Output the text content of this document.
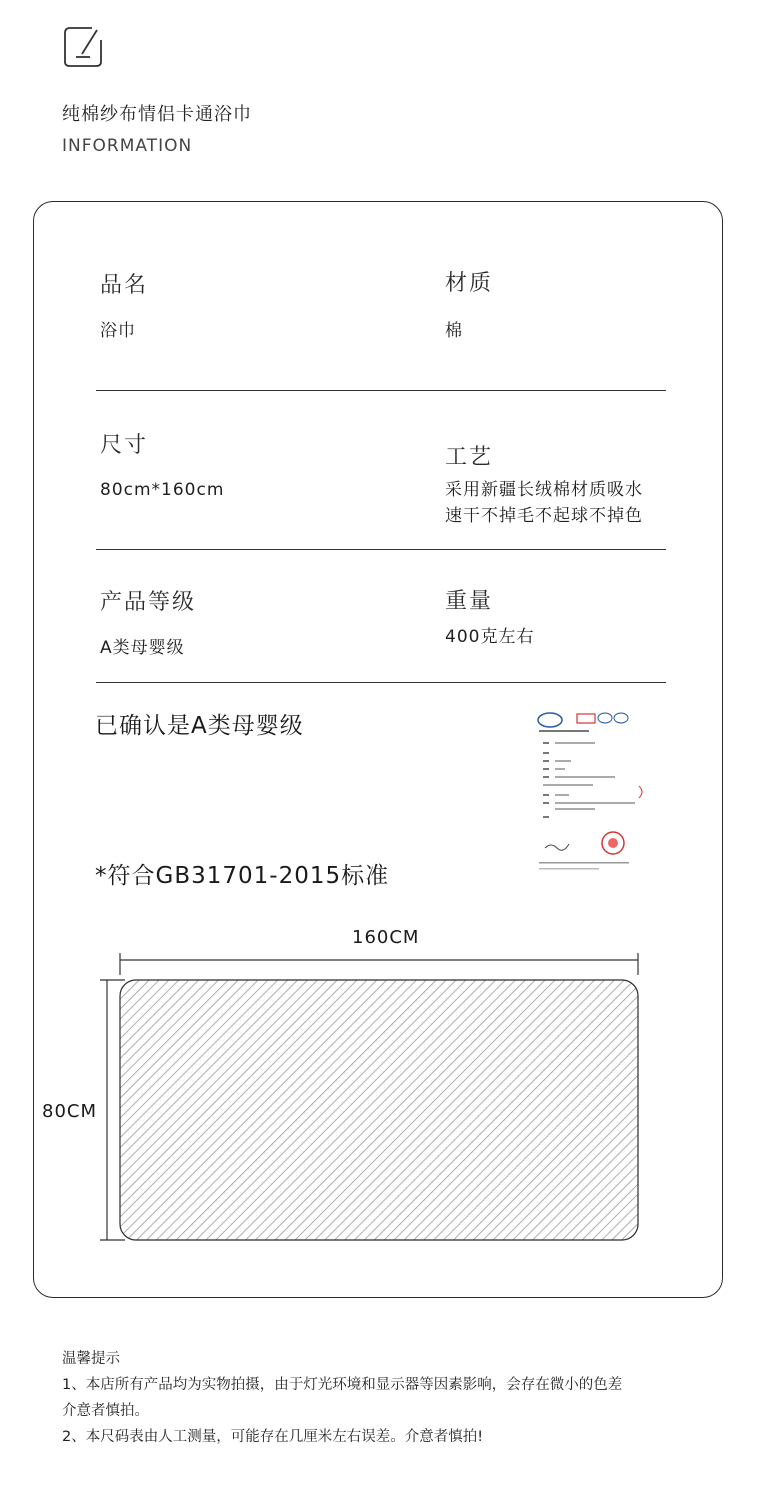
纯棉纱布情侣卡通浴巾
INFORMATION
品名
浴巾
材质
棉
尺寸
80cm*160cm
工艺
采用新疆长绒棉材质吸水
速干不掉毛不起球不掉色
产品等级
A类母婴级
重量
400克左右
已确认是A类母婴级
*符合GB31701-2015标准
160CM
80CM
温馨提示
1、本店所有产品均为实物拍摄，由于灯光环境和显示器等因素影响，会存在微小的色差
介意者慎拍。
2、本尺码表由人工测量，可能存在几厘米左右误差。介意者慎拍!
